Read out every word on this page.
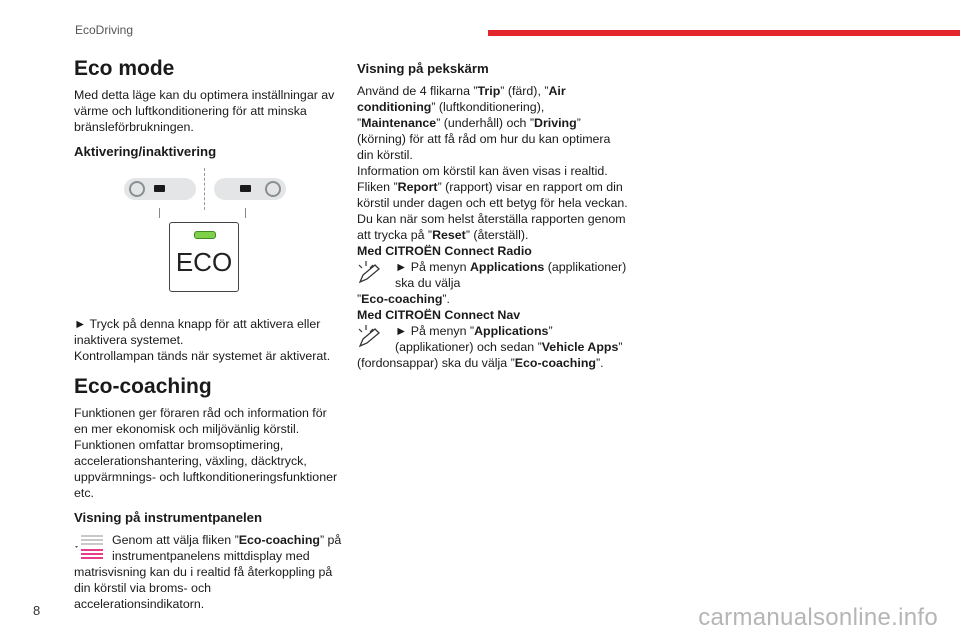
EcoDriving
Eco mode

Med detta läge kan du optimera inställningar av värme och luftkonditionering för att minska bränsleförbrukningen.

Aktivering/inaktivering
ECO

► Tryck på denna knapp för att aktivera eller inaktivera systemet.

Kontrollampan tänds när systemet är aktiverat.

Eco-coaching

Funktionen ger föraren råd och information för en mer ekonomisk och miljövänlig körstil. Funktionen omfattar bromsoptimering, accelerationshantering, växling, däcktryck, uppvärmnings- och luftkonditioneringsfunktioner etc.

Visning på instrumentpanelen

Genom att välja fliken ”Eco-coaching” på instrumentpanelens mittdisplay med

matrisvisning kan du i realtid få återkoppling på din körstil via broms- och accelerationsindikatorn.

Visning på pekskärm

Använd de 4 flikarna ”Trip” (färd), ”Air conditioning” (luftkonditionering), ”Maintenance” (underhåll) och ”Driving” (körning) för att få råd om hur du kan optimera din körstil.

Information om körstil kan även visas i realtid.

Fliken ”Report” (rapport) visar en rapport om din körstil under dagen och ett betyg för hela veckan.

Du kan när som helst återställa rapporten genom att trycka på ”Reset” (återställ).

Med CITROËN Connect Radio

► På menyn Applications (applikationer) ska du välja

”Eco-coaching”.

Med CITROËN Connect Nav

► På menyn ”Applications” (applikationer) och sedan ”Vehicle Apps”

(fordonsappar) ska du välja ”Eco-coaching”.

8	carmanualsonline.info
